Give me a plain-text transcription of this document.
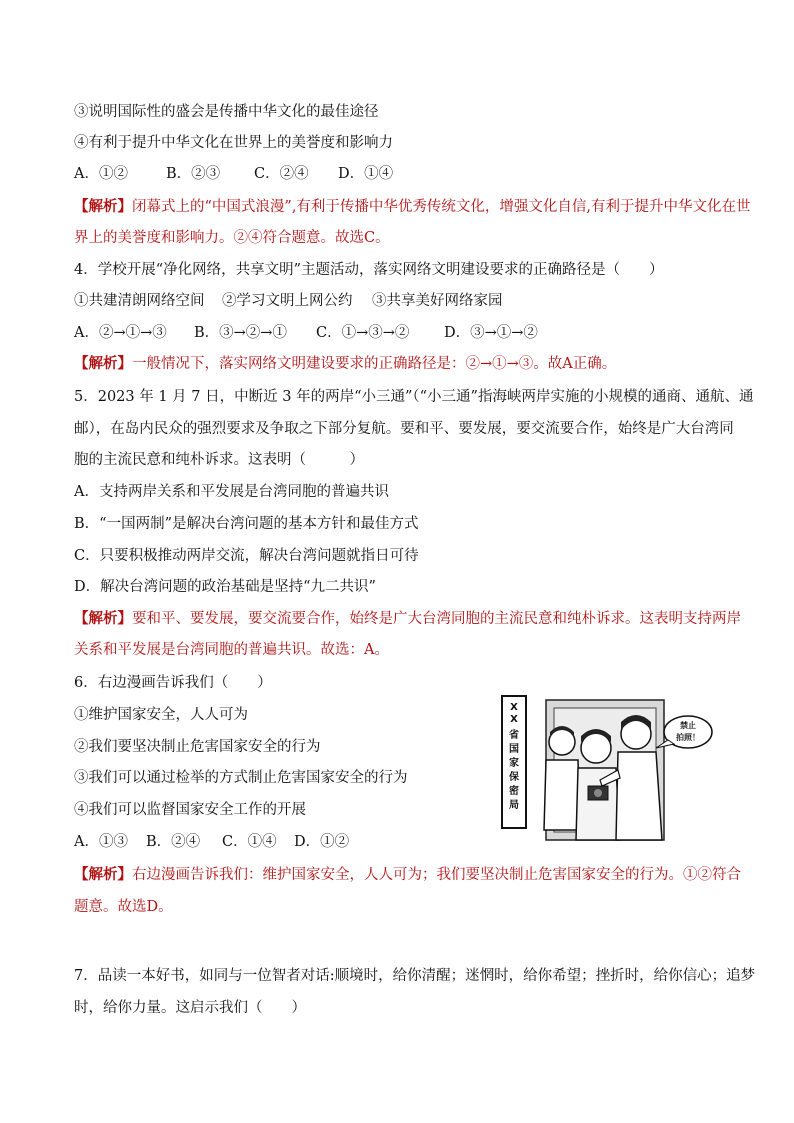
③说明国际性的盛会是传播中华文化的最佳途径
④有利于提升中华文化在世界上的美誉度和影响力
A．①②	B．②③ C．②④ D．①④
【解析】闭幕式上的“中国式浪漫”,有利于传播中华优秀传统文化，增强文化自信,有利于提升中华文化在世
界上的美誉度和影响力。②④符合题意。故选C。
4．学校开展“净化网络，共享文明”主题活动，落实网络文明建设要求的正确路径是（　　）
①共建清朗网络空间 ②学习文明上网公约 ③共享美好网络家园
A．②→①→③ B．③→②→① C．①→③→② D．③→①→②
【解析】一般情况下，落实网络文明建设要求的正确路径是：②→①→③。故A正确。
5．2023 年 1 月 7 日，中断近 3 年的两岸“小三通”（“小三通”指海峡两岸实施的小规模的通商、通航、通
邮），在岛内民众的强烈要求及争取之下部分复航。要和平、要发展，要交流要合作，始终是广大台湾同
胞的主流民意和纯朴诉求。这表明（　　　）
A．支持两岸关系和平发展是台湾同胞的普遍共识
B．“一国两制”是解决台湾问题的基本方针和最佳方式
C．只要积极推动两岸交流，解决台湾问题就指日可待
D．解决台湾问题的政治基础是坚持“九二共识”
【解析】要和平、要发展，要交流要合作，始终是广大台湾同胞的主流民意和纯朴诉求。这表明支持两岸
关系和平发展是台湾同胞的普遍共识。故选：A。
6．右边漫画告诉我们（　　）
①维护国家安全，人人可为
②我们要坚决制止危害国家安全的行为
③我们可以通过检举的方式制止危害国家安全的行为
④我们可以监督国家安全工作的开展
A．①③ B．②④ C．①④ D．①②
【解析】右边漫画告诉我们：维护国家安全，人人可为；我们要坚决制止危害国家安全的行为。①②符合
题意。故选D。
X
X
省
国
家
保
密
局
禁止
拍照！
7．品读一本好书，如同与一位智者对话:顺境时，给你清醒；迷惘时，给你希望；挫折时，给你信心；追梦
时，给你力量。这启示我们（　　）
